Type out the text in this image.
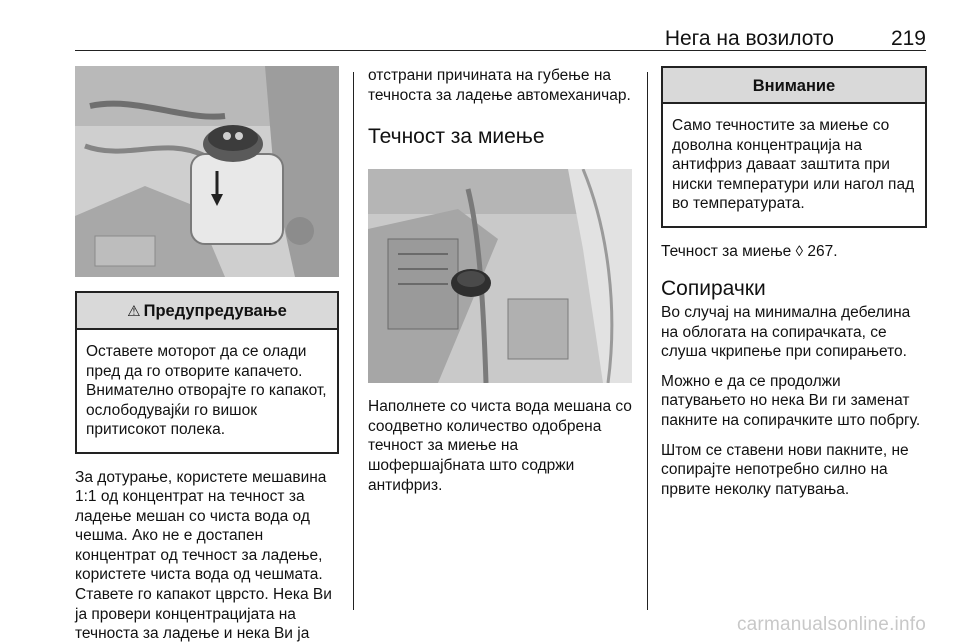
Нега на возилото	219
⚠ Предупредување
Оставете моторот да се олади пред да го отворите капачето. Внимателно отворајте го капакот, ослободувајќи го вишок притисокот полека.

За дотурање, користете мешавина 1:1 од концентрат на течност за ладење мешан со чиста вода од чешма. Ако не е достапен концентрат од течност за ладење, користете чиста вода од чешмата. Ставете го капакот цврсто. Нека Ви ја провери концентрацијата на течноста за ладење и нека Ви ја

отстрани причината на губење на течноста за ладење автомеханичар.

Течност за миење

Наполнете со чиста вода мешана со соодветно количество одобрена течност за миење на шофершајбната што содржи антифриз.

Внимание
Само течностите за миење со доволна концентрација на антифриз даваат заштита при ниски температури или нагол пад во температурата.

Течност за миење ◊ 267.

Сопирачки

Во случај на минимална дебелина на облогата на сопирачката, се слуша чкрипење при сопирањето.

Можно е да се продолжи патувањето но нека Ви ги заменат пакните на сопирачките што побргу.

Штом се ставени нови пакните, не сопирајте непотребно силно на првите неколку патувања.

carmanualsonline.info
